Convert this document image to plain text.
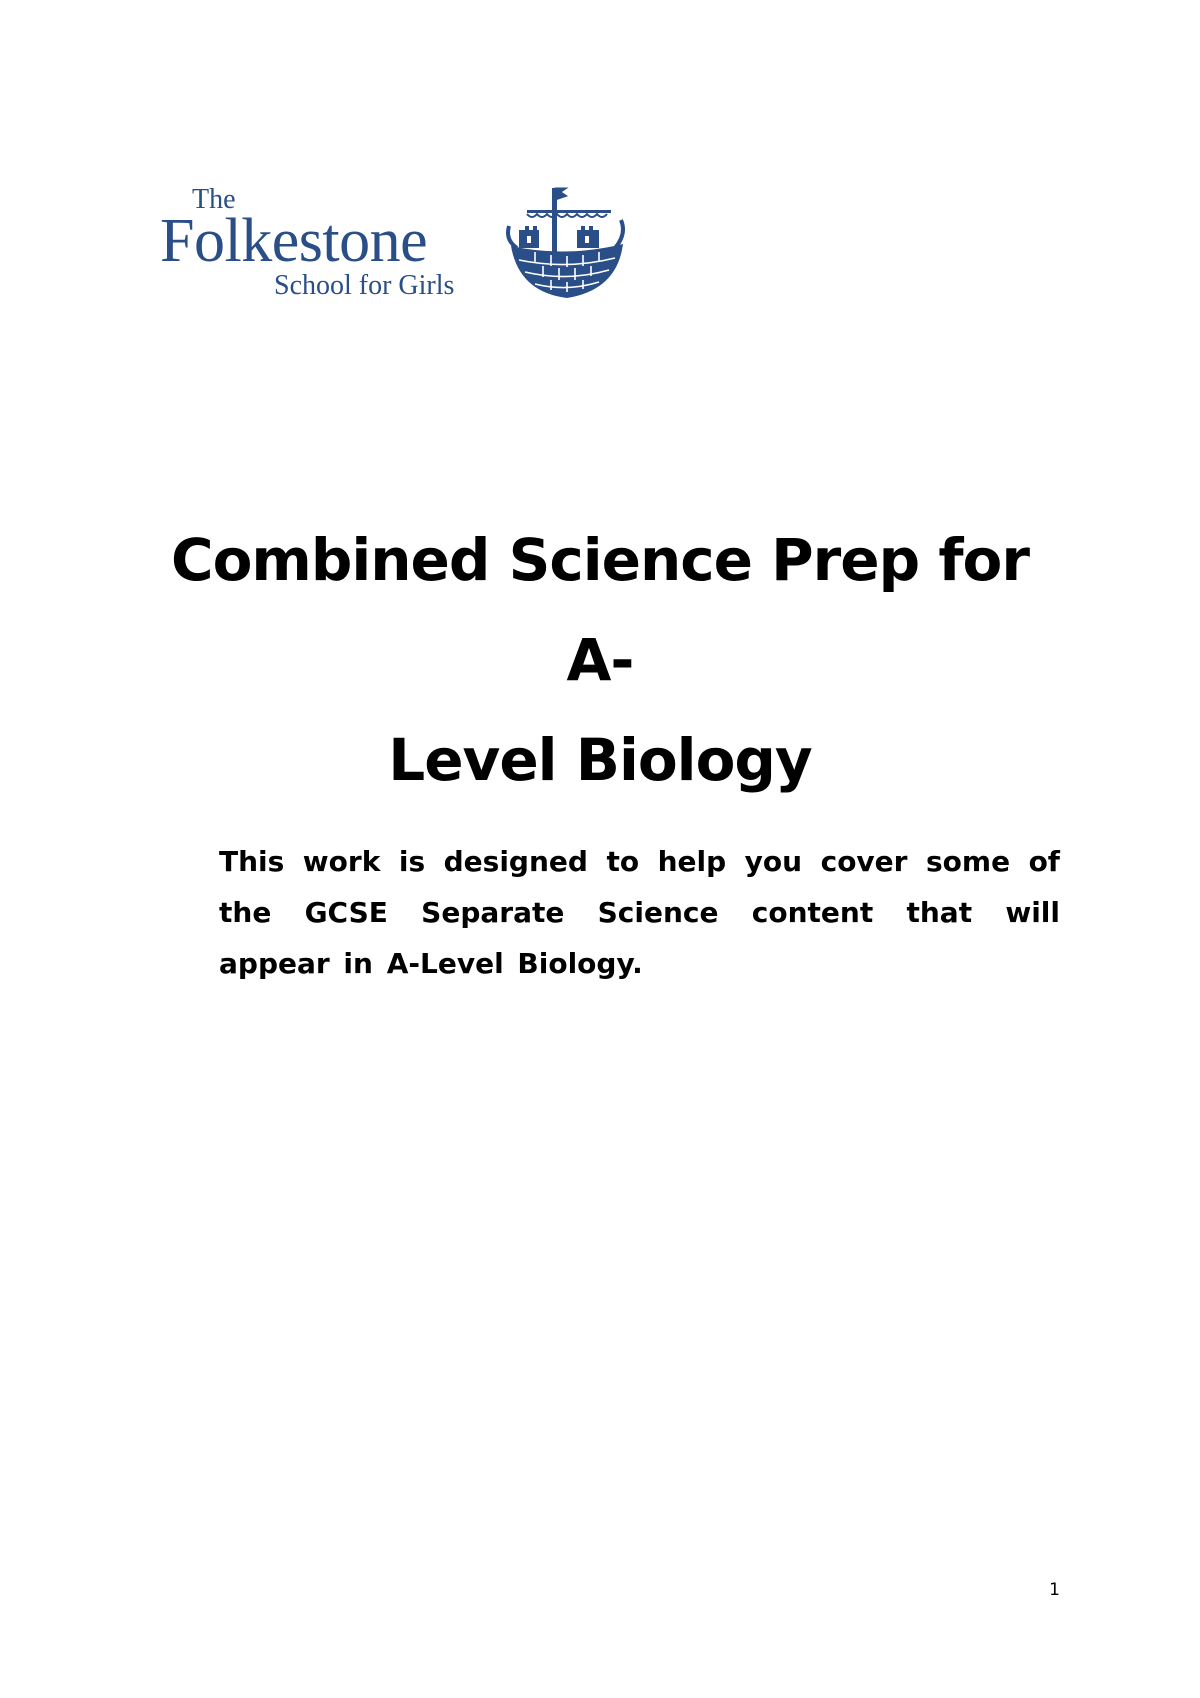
The
Folkestone
School for Girls
Combined Science Prep for A-
Level Biology

This work is designed to help you cover some of the GCSE Separate Science content that will appear in A-Level Biology.

1
